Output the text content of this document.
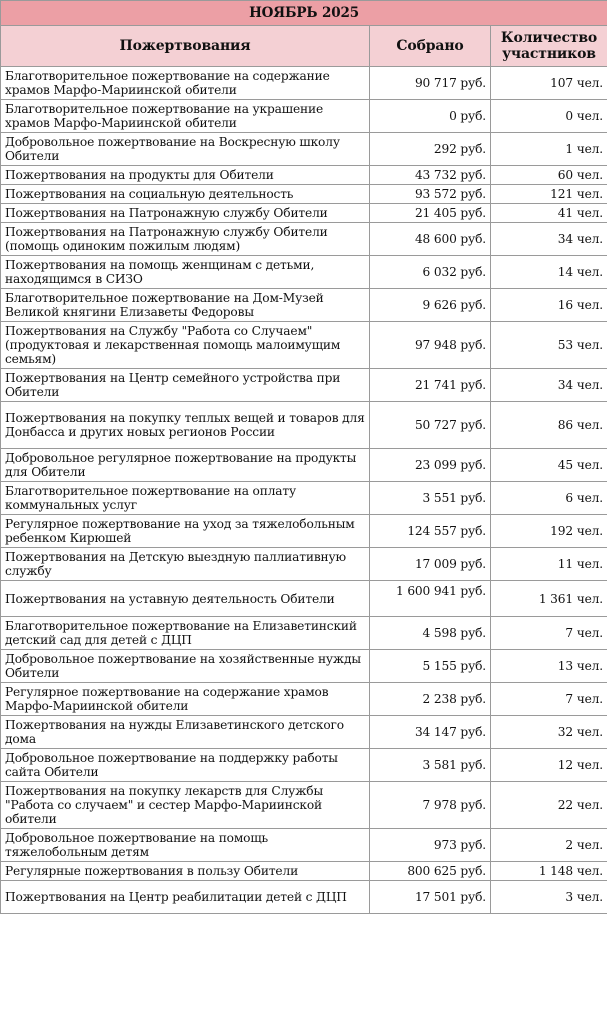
НОЯБРЬ 2025		
Пожертвования	Собрано	Количество участников
Благотворительное пожертвование на содержание храмов Марфо-Мариинской обители	90 717 руб.	107 чел.
Благотворительное пожертвование на украшение храмов Марфо-Мариинской обители	0 руб.	0 чел.
Добровольное пожертвование на Воскресную школу Обители	292 руб.	1 чел.
Пожертвования на продукты для Обители	43 732 руб.	60 чел.
Пожертвования на социальную деятельность	93 572 руб.	121 чел.
Пожертвования на Патронажную службу Обители	21 405 руб.	41 чел.
Пожертвования на Патронажную службу Обители (помощь одиноким пожилым людям)	48 600 руб.	34 чел.
Пожертвования на помощь женщинам с детьми, находящимся в СИЗО	6 032 руб.	14 чел.
Благотворительное пожертвование на Дом-Музей Великой княгини Елизаветы Федоровы	9 626 руб.	16 чел.
Пожертвования на Службу "Работа со Случаем" (продуктовая и лекарственная помощь малоимущим семьям)	97 948 руб.	53 чел.
Пожертвования на Центр семейного устройства при Обители	21 741 руб.	34 чел.
Пожертвования на покупку теплых вещей и товаров для Донбасса и других новых регионов России	50 727 руб.	86 чел.
Добровольное регулярное пожертвование на продукты для Обители	23 099 руб.	45 чел.
Благотворительное пожертвование на оплату коммунальных услуг	3 551 руб.	6 чел.
Регулярное пожертвование на уход за тяжелобольным ребенком Кирюшей	124 557 руб.	192 чел.
Пожертвования на Детскую выездную паллиативную службу	17 009 руб.	11 чел.
Пожертвования на уставную деятельность Обители	1 600 941 руб.	1 361 чел.
Благотворительное пожертвование на Елизаветинский детский сад для детей с ДЦП	4 598 руб.	7 чел.
Добровольное пожертвование на хозяйственные нужды Обители	5 155 руб.	13 чел.
Регулярное пожертвование на содержание храмов Марфо-Мариинской обители	2 238 руб.	7 чел.
Пожертвования на нужды Елизаветинского детского дома	34 147 руб.	32 чел.
Добровольное пожертвование на поддержку работы сайта Обители	3 581 руб.	12 чел.
Пожертвования на покупку лекарств для Службы "Работа со случаем" и сестер Марфо-Мариинской обители	7 978 руб.	22 чел.
Добровольное пожертвование на помощь тяжелобольным детям	973 руб.	2 чел.
Регулярные пожертвования в пользу Обители	800 625 руб.	1 148 чел.
Пожертвования на Центр реабилитации детей с ДЦП	17 501 руб.	3 чел.
